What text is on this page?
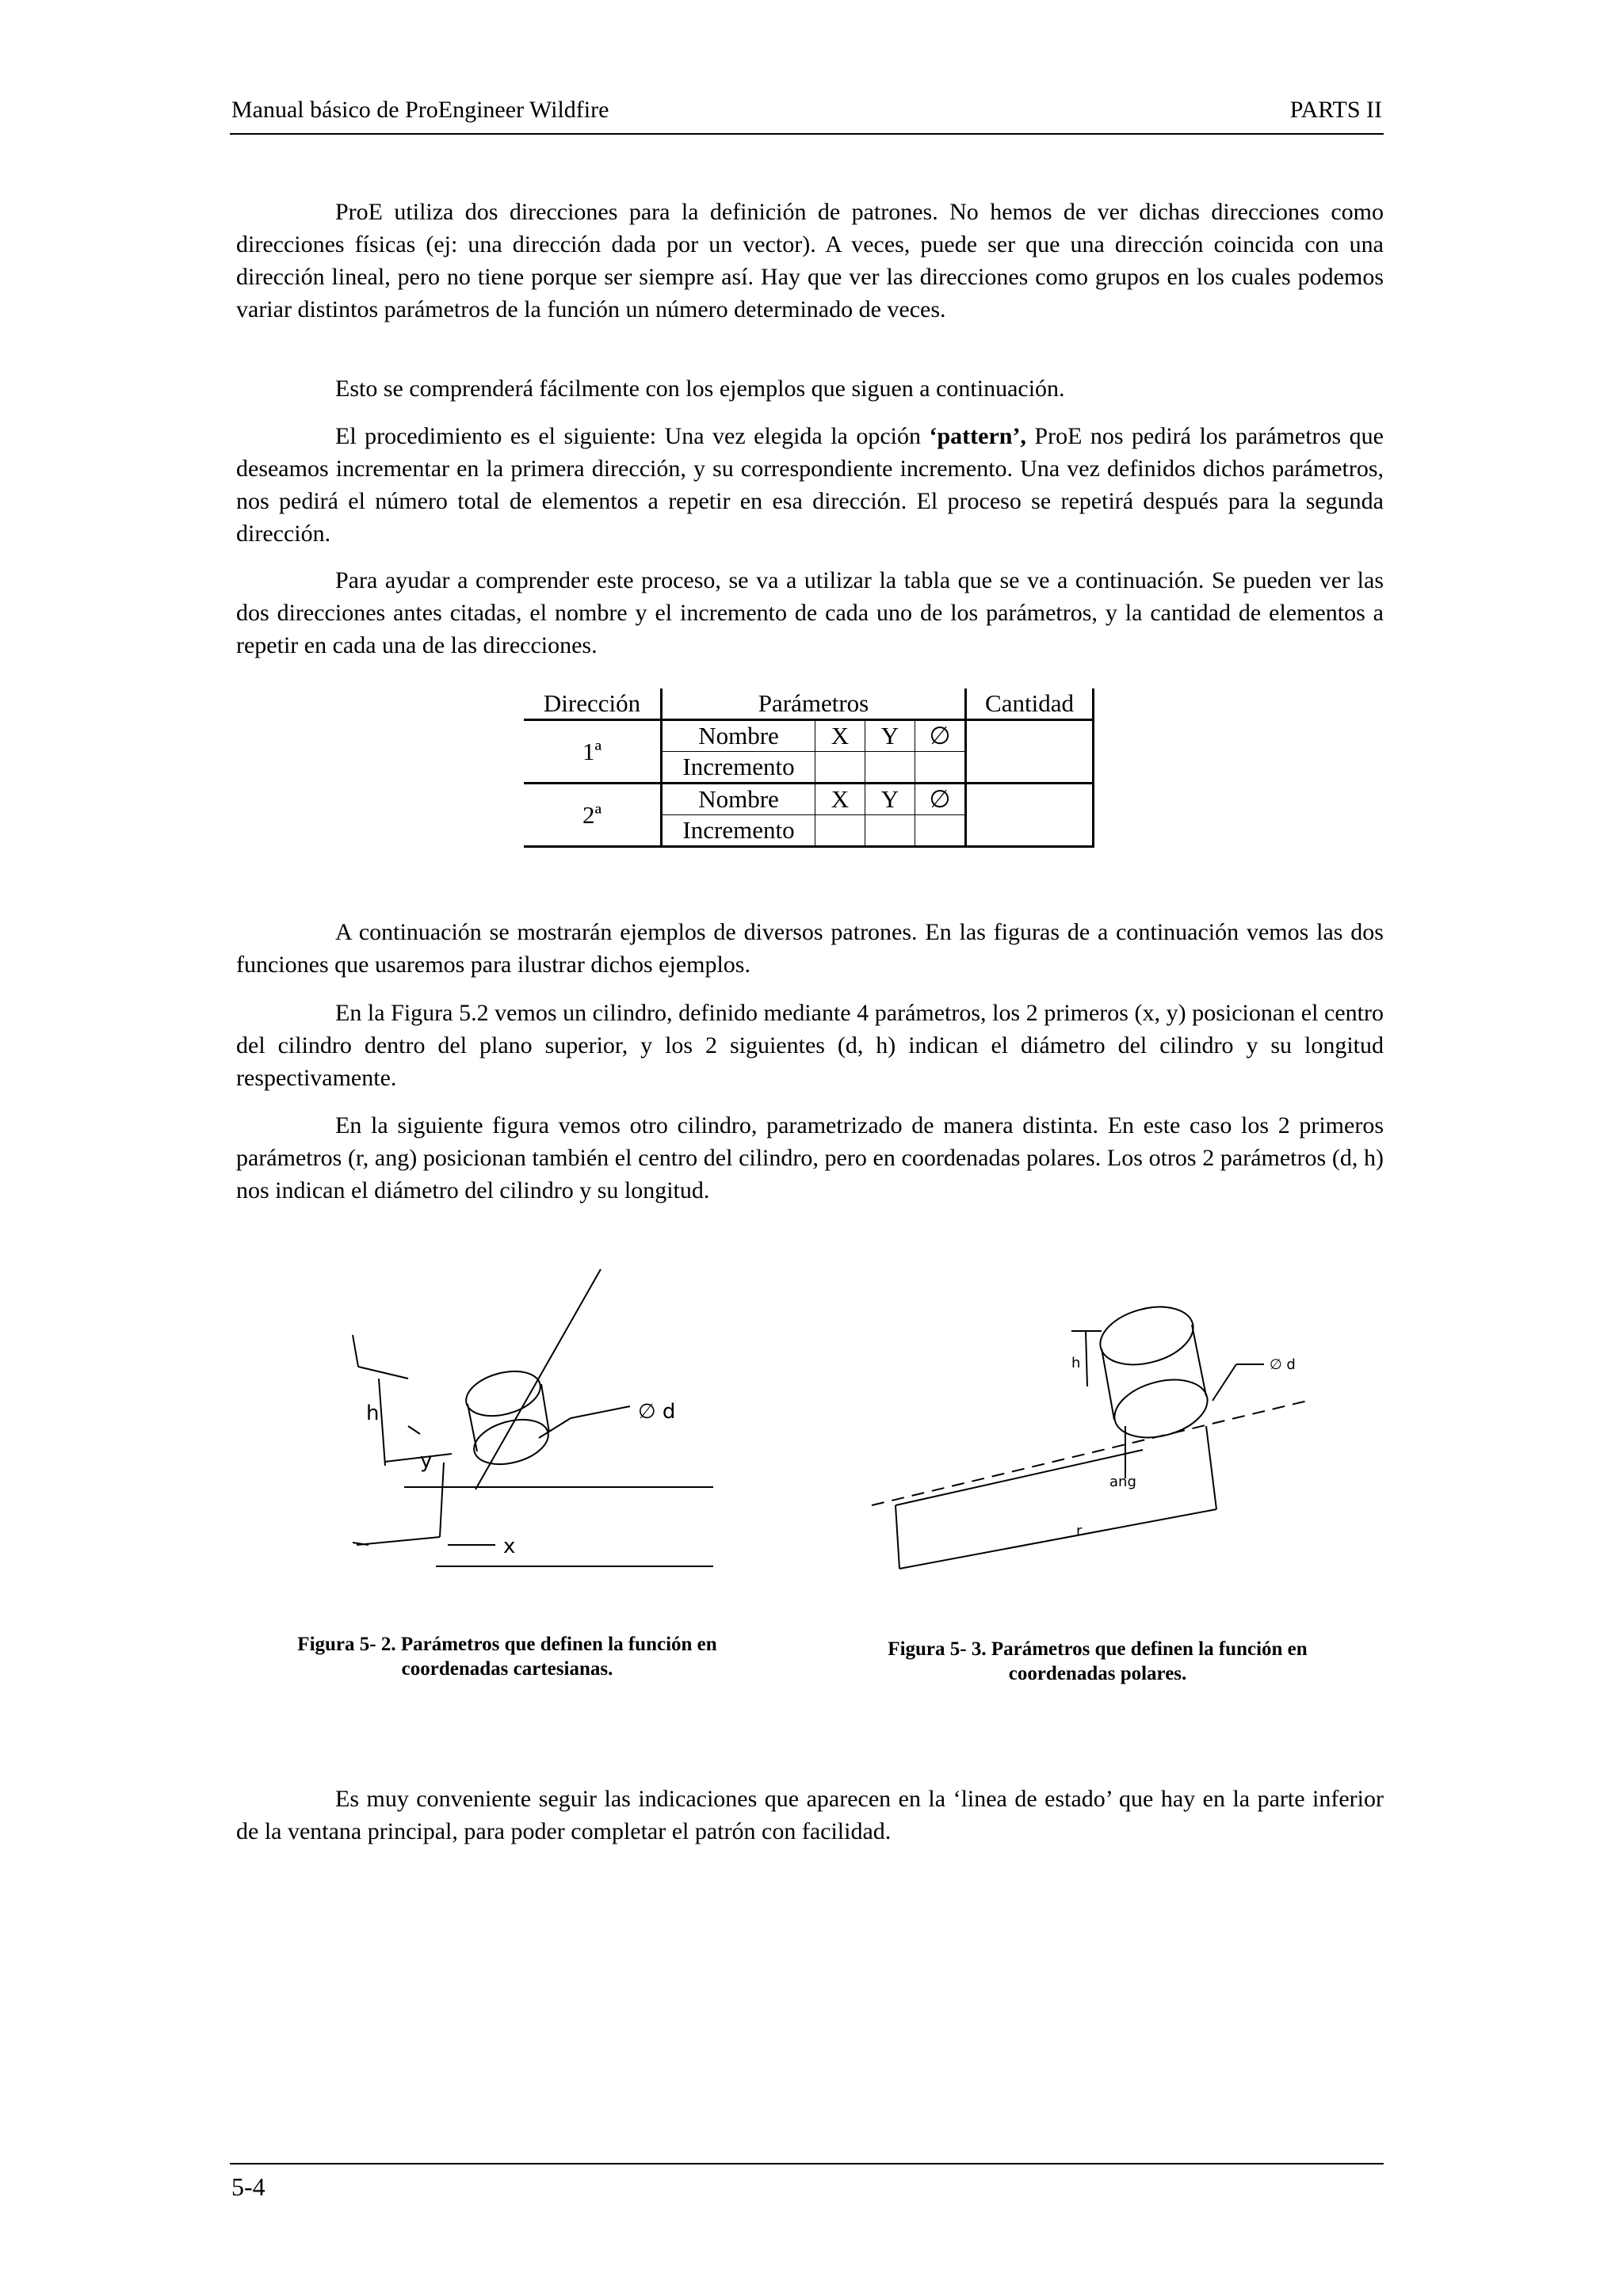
Manual básico de ProEngineer Wildfire	PARTS II

ProE utiliza dos direcciones para la definición de patrones. No hemos de ver dichas direcciones como direcciones físicas (ej: una dirección dada por un vector). A veces, puede ser que una dirección coincida con una dirección lineal, pero no tiene porque ser siempre así. Hay que ver las direcciones como grupos en los cuales podemos variar distintos parámetros de la función un número determinado de veces.

Esto se comprenderá fácilmente con los ejemplos que siguen a continuación.

El procedimiento es el siguiente: Una vez elegida la opción ‘pattern’, ProE nos pedirá los parámetros que deseamos incrementar en la primera dirección, y su correspondiente incremento. Una vez definidos dichos parámetros, nos pedirá el número total de elementos a repetir en esa dirección. El proceso se repetirá después para la segunda dirección.

Para ayudar a comprender este proceso, se va a utilizar la tabla que se ve a continuación. Se pueden ver las dos direcciones antes citadas, el nombre y el incremento de cada uno de los parámetros, y la cantidad de elementos a repetir en cada una de las direcciones.

Dirección	Parámetros				Cantidad
1ª	Nombre	X	Y	∅	
	Incremento				
2ª	Nombre	X	Y	∅	
	Incremento				

A continuación se mostrarán ejemplos de diversos patrones. En las figuras de a continuación vemos las dos funciones que usaremos para ilustrar dichos ejemplos.

En la Figura 5.2 vemos un cilindro, definido mediante 4 parámetros, los 2 primeros (x, y) posicionan el centro del cilindro dentro del plano superior, y los 2 siguientes (d, h) indican el diámetro del cilindro y su longitud respectivamente.

En la siguiente figura vemos otro cilindro, parametrizado de manera distinta. En este caso los 2 primeros parámetros (r, ang) posicionan también el centro del cilindro, pero en coordenadas polares. Los otros 2 parámetros (d, h) nos indican el diámetro del cilindro y su longitud.

h
y
x
∅ d
h
ang
r
∅ d
Figura 5- 2. Parámetros que definen la función en
coordenadas cartesianas.
Figura 5- 3. Parámetros que definen la función en
coordenadas polares.

Es muy conveniente seguir las indicaciones que aparecen en la ‘linea de estado’ que hay en la parte inferior de la ventana principal, para poder completar el patrón con facilidad.

5-4
